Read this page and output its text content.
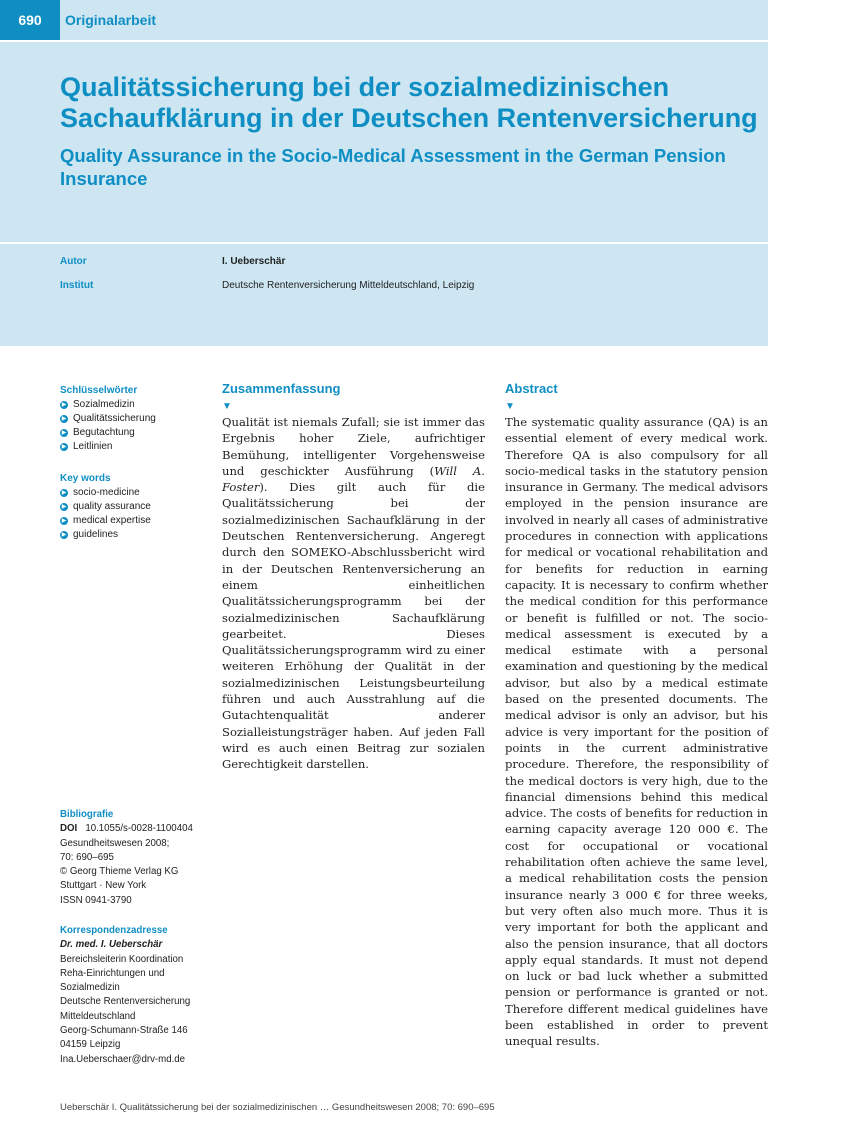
690	Originalarbeit
Qualitätssicherung bei der sozialmedizinischen Sachaufklärung in der Deutschen Rentenversicherung
Quality Assurance in the Socio-Medical Assessment in the German Pension Insurance
Autor	I. Ueberschär
Institut	Deutsche Rentenversicherung Mitteldeutschland, Leipzig
Schlüsselwörter
▶ Sozialmedizin
▶ Qualitätssicherung
▶ Begutachtung
▶ Leitlinien
Key words
▶ socio-medicine
▶ quality assurance
▶ medical expertise
▶ guidelines
Zusammenfassung
▼

Qualität ist niemals Zufall; sie ist immer das Ergebnis hoher Ziele, aufrichtiger Bemühung, intelligenter Vorgehensweise und geschickter Ausführung (Will A. Foster). Dies gilt auch für die Qualitätssicherung bei der sozialmedizinischen Sachaufklärung in der Deutschen Rentenversicherung. Angeregt durch den SOMEKO-Abschlussbericht wird in der Deutschen Rentenversicherung an einem einheitlichen Qualitätssicherungsprogramm bei der sozialmedizinischen Sachaufklärung gearbeitet. Dieses Qualitätssicherungsprogramm wird zu einer weiteren Erhöhung der Qualität in der sozialmedizinischen Leistungsbeurteilung führen und auch Ausstrahlung auf die Gutachtenqualität anderer Sozialleistungsträger haben. Auf jeden Fall wird es auch einen Beitrag zur sozialen Gerechtigkeit darstellen.

Abstract
▼

The systematic quality assurance (QA) is an essential element of every medical work. Therefore QA is also compulsory for all socio-medical tasks in the statutory pension insurance in Germany. The medical advisors employed in the pension insurance are involved in nearly all cases of administrative procedures in connection with applications for medical or vocational rehabilitation and for benefits for reduction in earning capacity. It is necessary to confirm whether the medical condition for this performance or benefit is fulfilled or not. The socio-medical assessment is executed by a medical estimate with a personal examination and questioning by the medical advisor, but also by a medical estimate based on the presented documents. The medical advisor is only an advisor, but his advice is very important for the position of points in the current administrative procedure. Therefore, the responsibility of the medical doctors is very high, due to the financial dimensions behind this medical advice. The costs of benefits for reduction in earning capacity average 120 000 €. The cost for occupational or vocational rehabilitation often achieve the same level, a medical rehabilitation costs the pension insurance nearly 3 000 € for three weeks, but very often also much more. Thus it is very important for both the applicant and also the pension insurance, that all doctors apply equal standards. It must not depend on luck or bad luck whether a submitted pension or performance is granted or not. Therefore different medical guidelines have been established in order to prevent unequal results.

Bibliografie
DOI 10.1055/s-0028-1100404
Gesundheitswesen 2008;
70: 690–695
© Georg Thieme Verlag KG
Stuttgart · New York
ISSN 0941-3790
Korrespondenzadresse
Dr. med. I. Ueberschär
Bereichsleiterin Koordination
Reha-Einrichtungen und
Sozialmedizin
Deutsche Rentenversicherung
Mitteldeutschland
Georg-Schumann-Straße 146
04159 Leipzig
Ina.Ueberschaer@drv-md.de
Ueberschär I. Qualitätssicherung bei der sozialmedizinischen … Gesundheitswesen 2008; 70: 690–695
